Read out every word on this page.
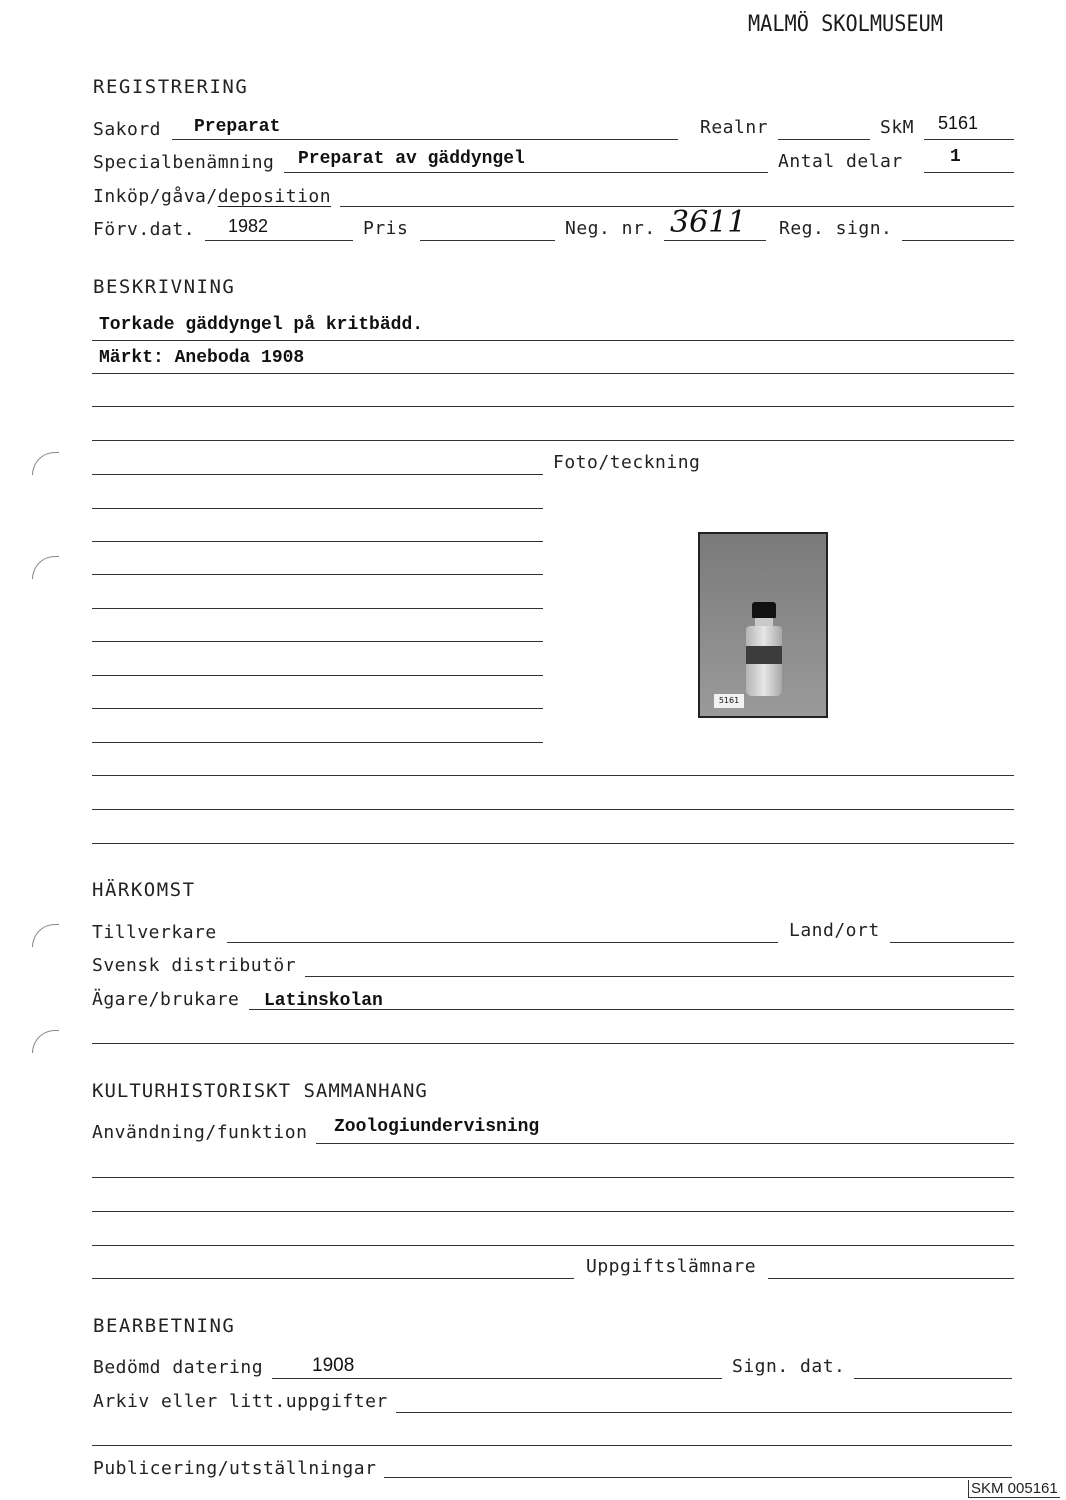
MALMÖ SKOLMUSEUM
REGISTRERING
Sakord Preparat	Realnr	SkM 5161
Specialbenämning Preparat av gäddyngel	Antal delar	1
Inköp/gåva/deposition
Förv.dat. 1982	Pris	Neg. nr. 3611 Reg. sign.
BESKRIVNING
Torkade gäddyngel på kritbädd.
Märkt: Aneboda 1908
Foto/teckning
5161
HÄRKOMST
Tillverkare	Land/ort
Svensk distributör
Ägare/brukare Latinskolan
KULTURHISTORISKT SAMMANHANG
Användning/funktion Zoologiundervisning
Uppgiftslämnare
BEARBETNING
Bedömd datering	1908	Sign. dat.
Arkiv eller litt.uppgifter
Publicering/utställningar
SKM 005161
